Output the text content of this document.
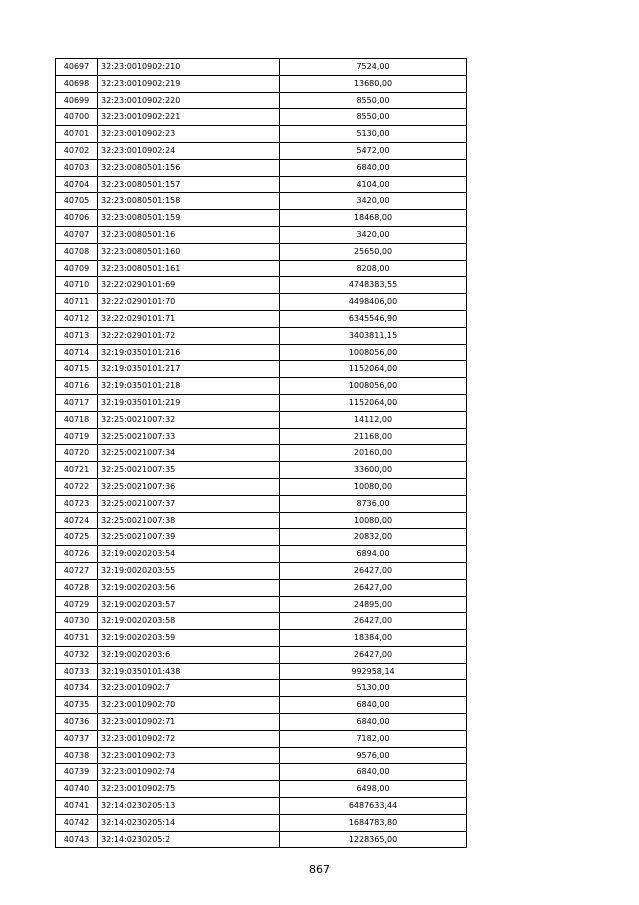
40697	32:23:0010902:210	7524,00
40698	32:23:0010902:219	13680,00
40699	32:23:0010902:220	8550,00
40700	32:23:0010902:221	8550,00
40701	32:23:0010902:23	5130,00
40702	32:23:0010902:24	5472,00
40703	32:23:0080501:156	6840,00
40704	32:23:0080501:157	4104,00
40705	32:23:0080501:158	3420,00
40706	32:23:0080501:159	18468,00
40707	32:23:0080501:16	3420,00
40708	32:23:0080501:160	25650,00
40709	32:23:0080501:161	8208,00
40710	32:22:0290101:69	4748383,55
40711	32:22:0290101:70	4498406,00
40712	32:22:0290101:71	6345546,90
40713	32:22:0290101:72	3403811,15
40714	32:19:0350101:216	1008056,00
40715	32:19:0350101:217	1152064,00
40716	32:19:0350101:218	1008056,00
40717	32:19:0350101:219	1152064,00
40718	32:25:0021007:32	14112,00
40719	32:25:0021007:33	21168,00
40720	32:25:0021007:34	20160,00
40721	32:25:0021007:35	33600,00
40722	32:25:0021007:36	10080,00
40723	32:25:0021007:37	8736,00
40724	32:25:0021007:38	10080,00
40725	32:25:0021007:39	20832,00
40726	32:19:0020203:54	6894,00
40727	32:19:0020203:55	26427,00
40728	32:19:0020203:56	26427,00
40729	32:19:0020203:57	24895,00
40730	32:19:0020203:58	26427,00
40731	32:19:0020203:59	18384,00
40732	32:19:0020203:6	26427,00
40733	32:19:0350101:438	992958,14
40734	32:23:0010902:7	5130,00
40735	32:23:0010902:70	6840,00
40736	32:23:0010902:71	6840,00
40737	32:23:0010902:72	7182,00
40738	32:23:0010902:73	9576,00
40739	32:23:0010902:74	6840,00
40740	32:23:0010902:75	6498,00
40741	32:14:0230205:13	6487633,44
40742	32:14:0230205:14	1684783,80
40743	32:14:0230205:2	1228365,00
867
